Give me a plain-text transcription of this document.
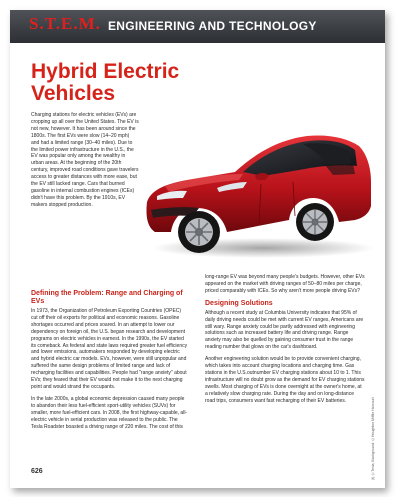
S.T.E.M. ENGINEERING AND TECHNOLOGY
Hybrid Electric Vehicles

Charging stations for electric vehicles (EVs) are cropping up all over the United States. The EV is not new, however. It has been around since the 1800s. The first EVs were slow (14–20 mph) and had a limited range (30–40 miles). Due to the limited power infrastructure in the U.S., the EV was popular only among the wealthy in urban areas. At the beginning of the 20th century, improved road conditions gave travelers access to greater distances with more ease, but the EV still lacked range. Cars that burned gasoline in internal combustion engines (ICEs) didn't have this problem. By the 1910s, EV makers stopped production.

Defining the Problem: Range and Charging of EVs

In 1973, the Organization of Petroleum Exporting Countries (OPEC) cut off their oil exports for political and economic reasons. Gasoline shortages occurred and prices soared. In an attempt to lower our dependency on foreign oil, the U.S. began research and development programs on electric vehicles in earnest. In the 1990s, the EV started its comeback. As federal and state laws required greater fuel efficiency and lower emissions, automakers responded by developing electric and hybrid electric car models. EVs, however, were still unpopular and suffered the same design problems of limited range and lack of recharging facilities and capabilities. People had "range anxiety" about EVs; they feared that their EV would not make it to the next charging point and would strand the occupants.

In the late 2000s, a global economic depression caused many people to abandon their less fuel-efficient sport-utility vehicles (SUVs) for smaller, more fuel-efficient cars. In 2008, the first highway-capable, all-electric vehicle in serial production was released to the public. The Tesla Roadster boasted a driving range of 220 miles. The cost of this

long-range EV was beyond many people's budgets. However, other EVs appeared on the market with driving ranges of 50–80 miles per charge, priced comparably with ICEs. So why aren't more people driving EVs?

Designing Solutions

Although a recent study at Columbia University indicates that 95% of daily driving needs could be met with current EV ranges, Americans are still wary. Range anxiety could be partly addressed with engineering solutions such as increased battery life and driving range. Range anxiety may also be quelled by gaining consumer trust in the range reading number that glows on the car's dashboard.

Another engineering solution would be to provide convenient charging, which takes into account charging locations and charging time. Gas stations in the U.S.outnumber EV charging stations about 10 to 1. This infrastructure will no doubt grow as the demand for EV charging stations swells. Most charging of EVs is done overnight at the owner's home, at a relatively slow charging rate. During the day and on long-distance road trips, consumers want fast recharging of their EV batteries.

626	(t) ©Tesla; Background: ©Houghton Mifflin Harcourt
